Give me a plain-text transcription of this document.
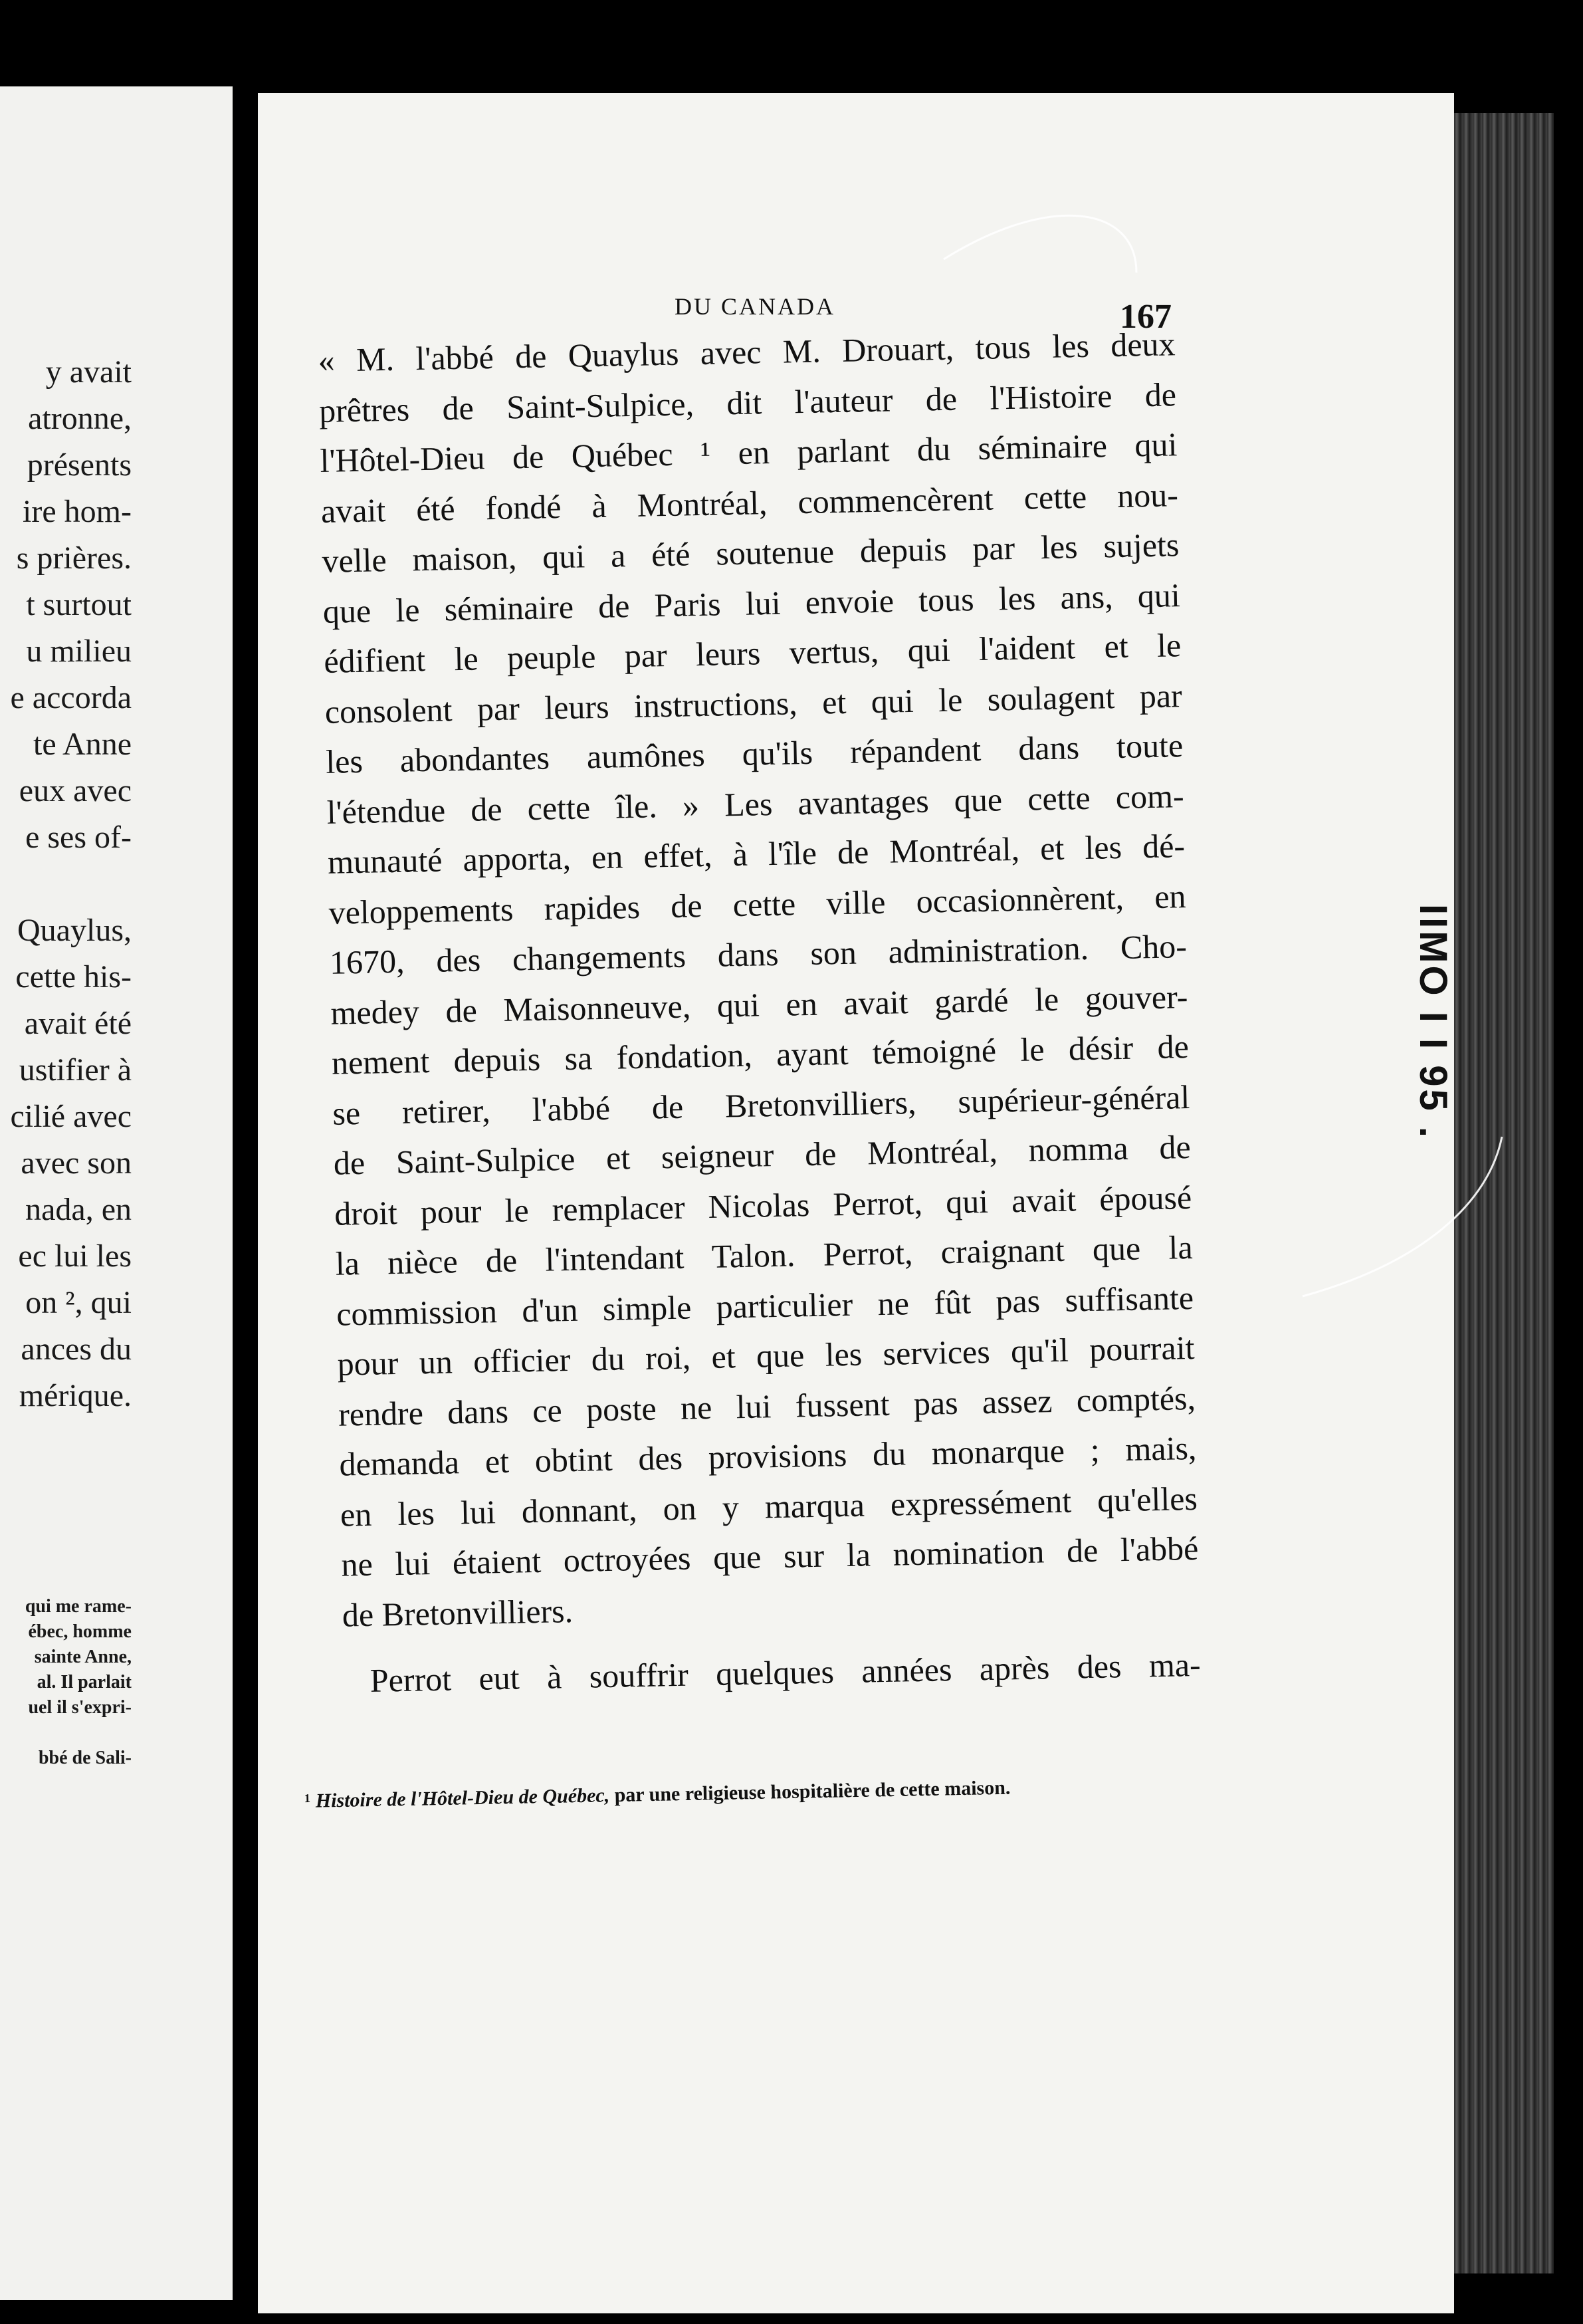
y avait
atronne,
présents
ire hom-
s prières.
t surtout
u milieu
e accorda
te Anne
eux avec
e ses of-
Quaylus,
cette his-
avait été
ustifier à
cilié avec
avec son
nada, en
ec lui les
on ², qui
ances du
mérique.
qui me rame-
ébec, homme
sainte Anne,
al. Il parlait
uel il s'expri-
bbé de Sali-
IIMO I I 95 .
DU CANADA	167
« M. l'abbé de Quaylus avec M. Drouart, tous les deux
prêtres de Saint-Sulpice, dit l'auteur de l'Histoire de
l'Hôtel-Dieu de Québec ¹ en parlant du séminaire qui
avait été fondé à Montréal, commencèrent cette nou-
velle maison, qui a été soutenue depuis par les sujets
que le séminaire de Paris lui envoie tous les ans, qui
édifient le peuple par leurs vertus, qui l'aident et le
consolent par leurs instructions, et qui le soulagent par
les abondantes aumônes qu'ils répandent dans toute
l'étendue de cette île. » Les avantages que cette com-
munauté apporta, en effet, à l'île de Montréal, et les dé-
veloppements rapides de cette ville occasionnèrent, en
1670, des changements dans son administration. Cho-
medey de Maisonneuve, qui en avait gardé le gouver-
nement depuis sa fondation, ayant témoigné le désir de
se retirer, l'abbé de Bretonvilliers, supérieur-général
de Saint-Sulpice et seigneur de Montréal, nomma de
droit pour le remplacer Nicolas Perrot, qui avait épousé
la nièce de l'intendant Talon. Perrot, craignant que la
commission d'un simple particulier ne fût pas suffisante
pour un officier du roi, et que les services qu'il pourrait
rendre dans ce poste ne lui fussent pas assez comptés,
demanda et obtint des provisions du monarque ; mais,
en les lui donnant, on y marqua expressément qu'elles
ne lui étaient octroyées que sur la nomination de l'abbé
de Bretonvilliers.
Perrot eut à souffrir quelques années après des ma-
¹ Histoire de l'Hôtel-Dieu de Québec, par une religieuse hospitalière de cette maison.
